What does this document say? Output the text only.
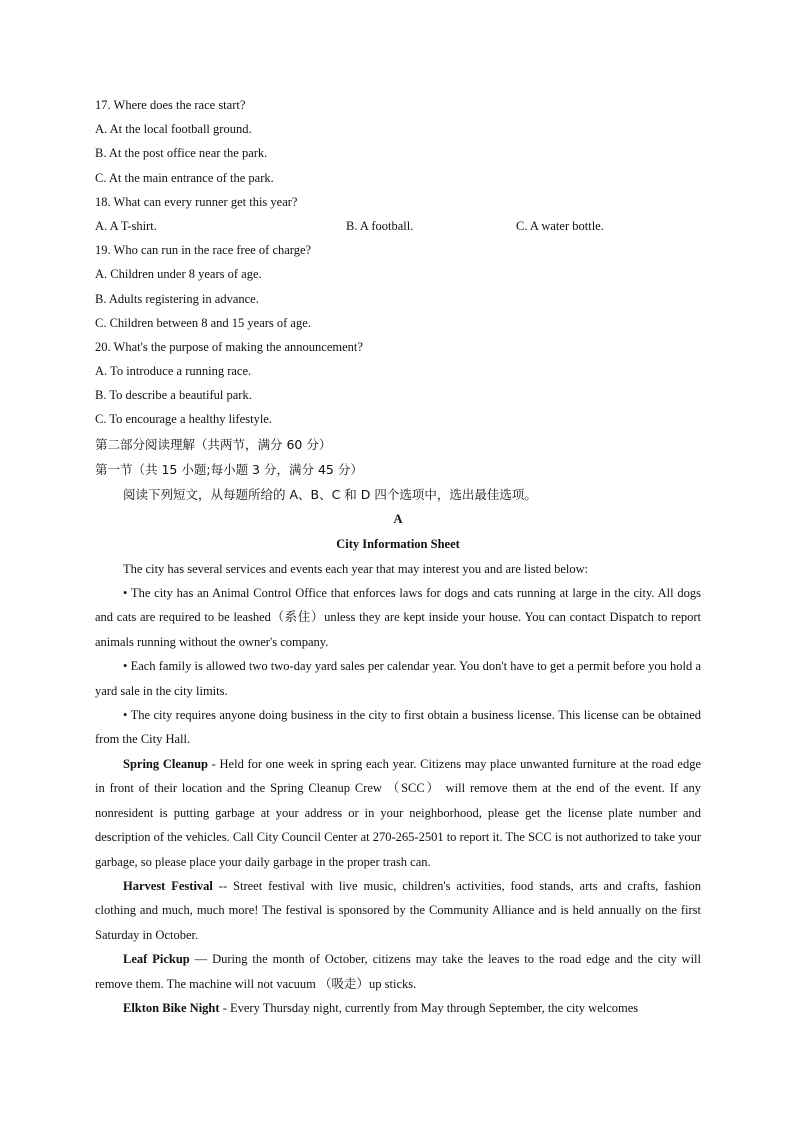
17. Where does the race start?
A. At the local football ground.
B. At the post office near the park.
C. At the main entrance of the park.
18. What can every runner get this year?
A. A T-shirt.	B. A football.	C. A water bottle.
19. Who can run in the race free of charge?
A. Children under 8 years of age.
B. Adults registering in advance.
C. Children between 8 and 15 years of age.
20. What's the purpose of making the announcement?
A. To introduce a running race.
B. To describe a beautiful park.
C. To encourage a healthy lifestyle.
第二部分阅读理解（共两节，满分 60 分）
第一节（共 15 小题;每小题 3 分，满分 45 分）
阅读下列短文，从每题所给的 A、B、C 和 D 四个选项中，选出最佳选项。
A
City Information Sheet

The city has several services and events each year that may interest you and are listed below:

• The city has an Animal Control Office that enforces laws for dogs and cats running at large in the city. All dogs and cats are required to be leashed（系住）unless they are kept inside your house. You can contact Dispatch to report animals running without the owner's company.

• Each family is allowed two two-day yard sales per calendar year. You don't have to get a permit before you hold a yard sale in the city limits.

• The city requires anyone doing business in the city to first obtain a business license. This license can be obtained from the City Hall.

Spring Cleanup - Held for one week in spring each year. Citizens may place unwanted furniture at the road edge in front of their location and the Spring Cleanup Crew （SCC） will remove them at the end of the event. If any nonresident is putting garbage at your address or in your neighborhood, please get the license plate number and description of the vehicles. Call City Council Center at 270-265-2501 to report it. The SCC is not authorized to take your garbage, so please place your daily garbage in the proper trash can.

Harvest Festival -- Street festival with live music, children's activities, food stands, arts and crafts, fashion clothing and much, much more! The festival is sponsored by the Community Alliance and is held annually on the first Saturday in October.

Leaf Pickup — During the month of October, citizens may take the leaves to the road edge and the city will remove them. The machine will not vacuum （吸走）up sticks.

Elkton Bike Night - Every Thursday night, currently from May through September, the city welcomes
